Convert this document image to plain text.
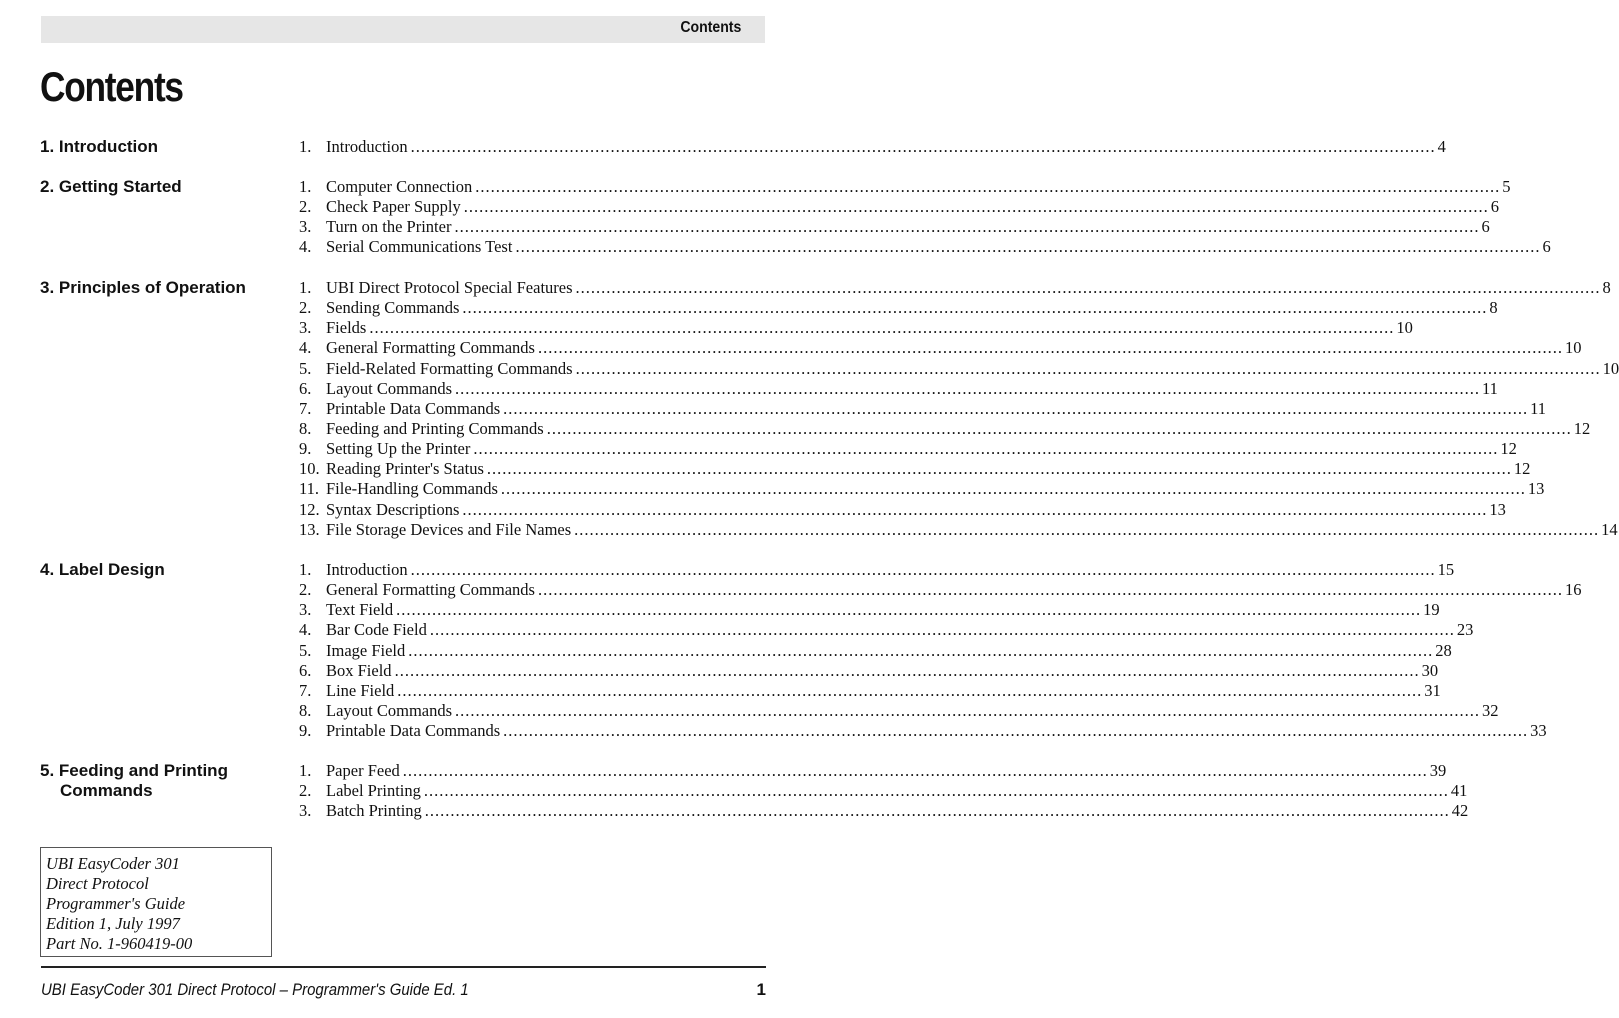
Contents
Contents
1. Introduction	1. Introduction ........................................................................................................................................................................................................ 4
2. Getting Started	1. Computer Connection ........................................................................................................................................................................................................ 5
2. Check Paper Supply ........................................................................................................................................................................................................ 6
3. Turn on the Printer ........................................................................................................................................................................................................ 6
4. Serial Communications Test ........................................................................................................................................................................................................ 6
3. Principles of Operation	1. UBI Direct Protocol Special Features ........................................................................................................................................................................................................ 8
2. Sending Commands ........................................................................................................................................................................................................ 8
3. Fields ........................................................................................................................................................................................................ 10
4. General Formatting Commands ........................................................................................................................................................................................................ 10
5. Field-Related Formatting Commands ........................................................................................................................................................................................................ 10
6. Layout Commands ........................................................................................................................................................................................................ 11
7. Printable Data Commands ........................................................................................................................................................................................................ 11
8. Feeding and Printing Commands ........................................................................................................................................................................................................ 12
9. Setting Up the Printer ........................................................................................................................................................................................................ 12
10. Reading Printer's Status ........................................................................................................................................................................................................ 12
11. File-Handling Commands ........................................................................................................................................................................................................ 13
12. Syntax Descriptions ........................................................................................................................................................................................................ 13
13. File Storage Devices and File Names ........................................................................................................................................................................................................ 14
4. Label Design	1. Introduction ........................................................................................................................................................................................................ 15
2. General Formatting Commands ........................................................................................................................................................................................................ 16
3. Text Field ........................................................................................................................................................................................................ 19
4. Bar Code Field ........................................................................................................................................................................................................ 23
5. Image Field ........................................................................................................................................................................................................ 28
6. Box Field ........................................................................................................................................................................................................ 30
7. Line Field ........................................................................................................................................................................................................ 31
8. Layout Commands ........................................................................................................................................................................................................ 32
9. Printable Data Commands ........................................................................................................................................................................................................ 33
5. Feeding and Printing
Commands
1. Paper Feed ........................................................................................................................................................................................................ 39
2. Label Printing ........................................................................................................................................................................................................ 41
3. Batch Printing ........................................................................................................................................................................................................ 42
UBI EasyCoder 301
Direct Protocol
Programmer's Guide
Edition 1, July 1997
Part No. 1-960419-00
UBI EasyCoder 301 Direct Protocol – Programmer's Guide Ed. 1	1
